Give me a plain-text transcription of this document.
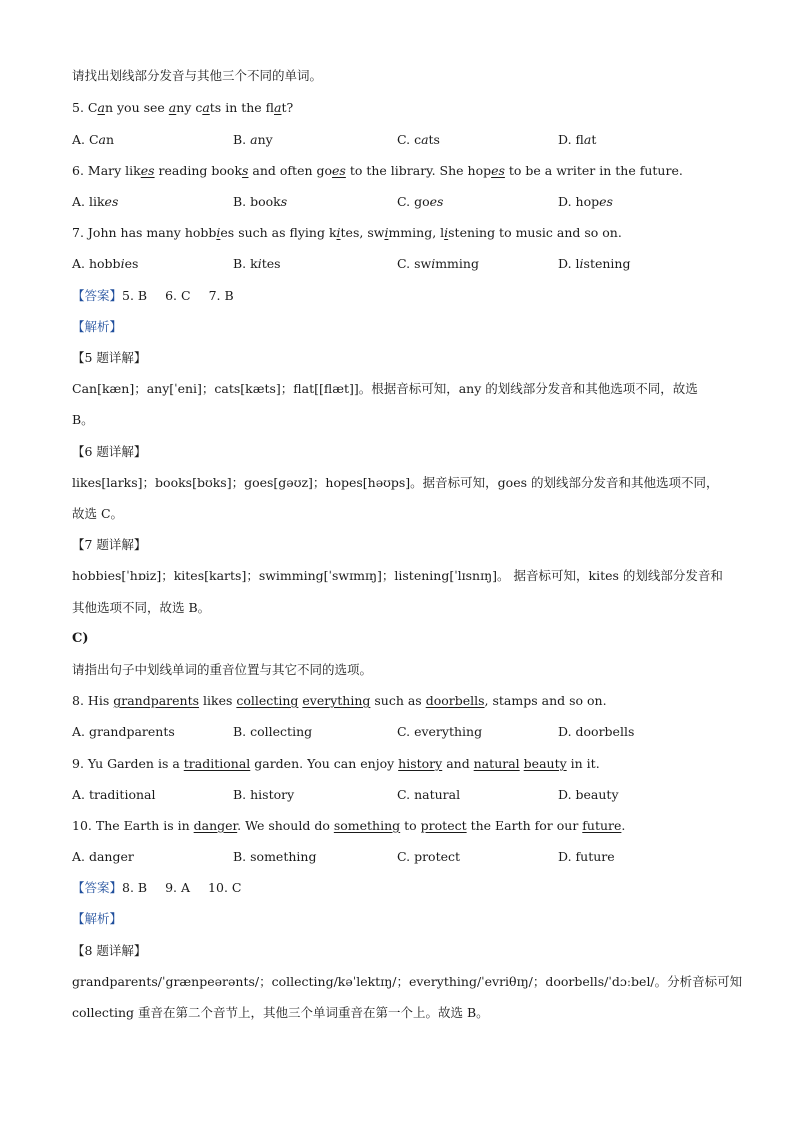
请找出划线部分发音与其他三个不同的单词。
5. Can you see any cats in the flat?
A. Can	B. any	C. cats	D. flat
6. Mary likes reading books and often goes to the library. She hopes to be a writer in the future.
A. likes	B. books	C. goes	D. hopes
7. John has many hobbies such as flying kites, swimming, listening to music and so on.
A. hobbies	B. kites	C. swimming	D. listening
【答案】5. B 6. C 7. B
【解析】
【5 题详解】
Can[kæn]；any[ˈeni]；cats[kæts]；flat[[flæt]]。根据音标可知，any 的划线部分发音和其他选项不同，故选
B。
【6 题详解】
likes[larks]；books[bʊks]；goes[gəʊz]；hopes[həʊps]。据音标可知，goes 的划线部分发音和其他选项不同，
故选 C。
【7 题详解】
hobbies[ˈhɒiz]；kites[karts]；swimming[ˈswɪmɪŋ]；listening[ˈlɪsnɪŋ]。 据音标可知，kites 的划线部分发音和
其他选项不同，故选 B。
C)
请指出句子中划线单词的重音位置与其它不同的选项。
8. His grandparents likes collecting everything such as doorbells, stamps and so on.
A. grandparents	B. collecting	C. everything	D. doorbells
9. Yu Garden is a traditional garden. You can enjoy history and natural beauty in it.
A. traditional	B. history	C. natural	D. beauty
10. The Earth is in danger. We should do something to protect the Earth for our future.
A. danger	B. something	C. protect	D. future
【答案】8. B 9. A 10. C
【解析】
【8 题详解】
grandparents/ˈgrænpeərənts/；collecting/kəˈlektɪŋ/；everything/ˈevriθɪŋ/；doorbells/ˈdɔːbel/。分析音标可知
collecting 重音在第二个音节上，其他三个单词重音在第一个上。故选 B。
